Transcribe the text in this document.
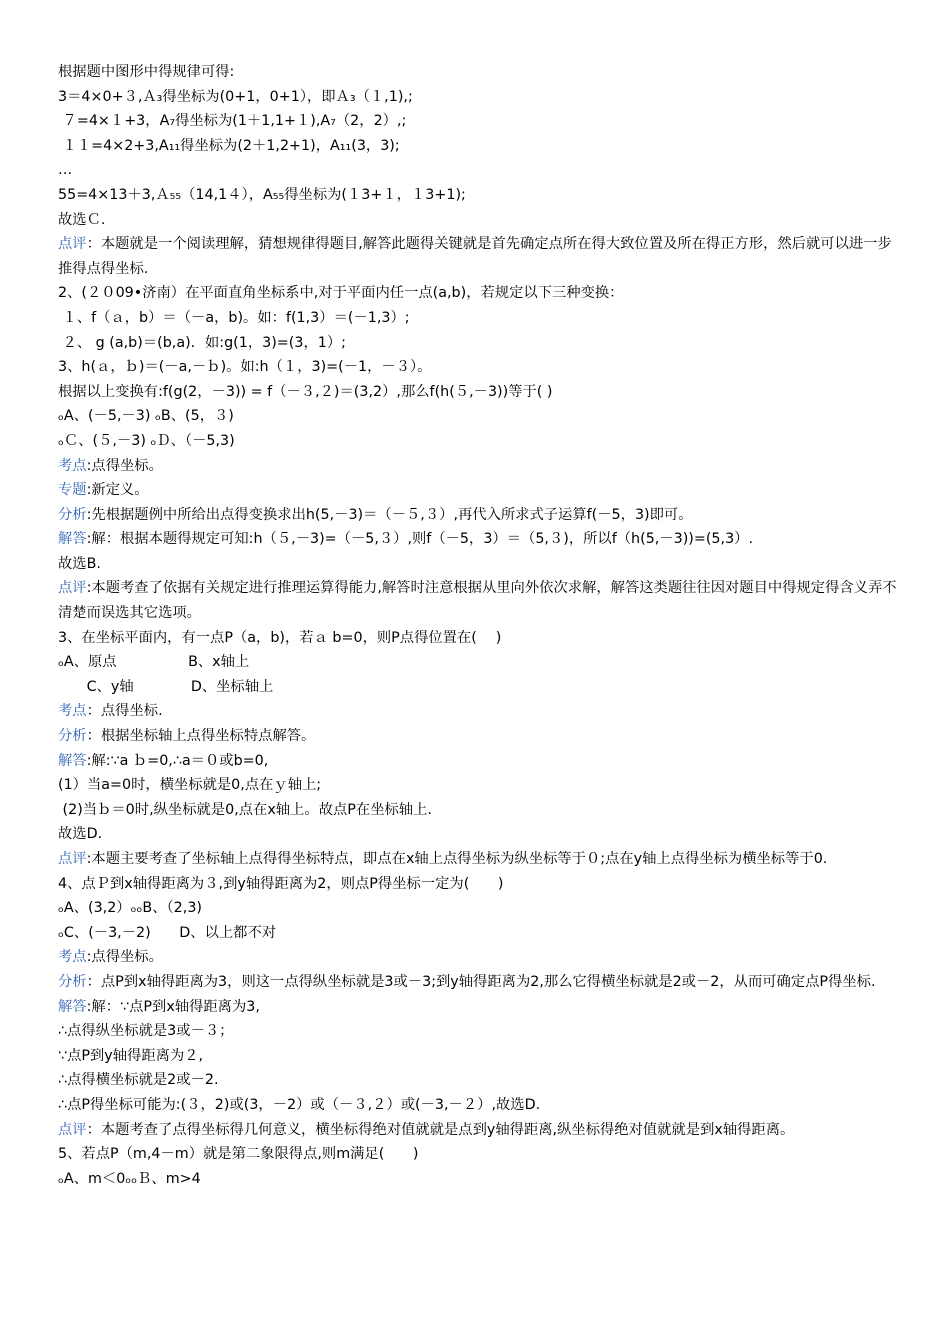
根据题中图形中得规律可得:
3＝4×0+３,Ａ₃得坐标为(0+1，0+1），即Ａ₃（１,1),;
７=4×１+3，A₇得坐标为(1＋1,1+１),A₇（2，2）,;
１１=4×2+3,A₁₁得坐标为(2＋1,2+1)，A₁₁(3，3);
…
55=4×13＋3,Ａ₅₅（14,1４），A₅₅得坐标为(１3+１，１3+1);
故选Ｃ.
点评：本题就是一个阅读理解，猜想规律得题目,解答此题得关键就是首先确定点所在得大致位置及所在得正方形，然后就可以进一步推得点得坐标.
2、(２０09•济南）在平面直角坐标系中,对于平面内任一点(a,b)，若规定以下三种变换：
１、f（ａ，b）＝（－a，b)。如：f(1,3）＝(－1,3）;
２、 g (a,b)＝(b,a)．如:g(1，3)=(3，1）;
3、h(ａ，ｂ)＝(－a,－ｂ)。如:h（１，3)=(－1，－３）。
根据以上变换有:f(g(2，－3)) = f（－３,２)＝(3,2）,那么f(h(５,－3))等于( )
ₒA、(－5,－3) ₒB、(5，３)
ₒＣ、(５,－3) ₒＤ、（－5,3)
考点:点得坐标。
专题:新定义。
分析:先根据题例中所给出点得变换求出h(5,－3)＝（－５,３）,再代入所求式子运算f(－5，3)即可。
解答:解：根据本题得规定可知:h（５,－3)=（－5,３）,则f（－5，3）＝（5,３)，所以f（h(5,－3))=(5,3）.
故选B.
点评:本题考查了依据有关规定进行推理运算得能力,解答时注意根据从里向外依次求解，解答这类题往往因对题目中得规定得含义弄不清楚而误选其它选项。
3、在坐标平面内，有一点P（a，b)，若ａ b=0，则P点得位置在(　 )
ₒA、原点　　　　　B、x轴上
　　C、y轴　　　　D、坐标轴上
考点：点得坐标.
分析：根据坐标轴上点得坐标特点解答。
解答:解:∵a ｂ=0,∴a＝０或b=0,
(1）当a=0时，横坐标就是0,点在ｙ轴上;
(2)当ｂ＝0时,纵坐标就是0,点在x轴上。故点P在坐标轴上.
故选D.
点评:本题主要考查了坐标轴上点得得坐标特点，即点在x轴上点得坐标为纵坐标等于０;点在y轴上点得坐标为横坐标等于0.
4、点Ｐ到x轴得距离为３,到y轴得距离为2，则点P得坐标一定为(　　)
ₒA、(3,2）ₒₒB、（2,3)
ₒC、(－3,－2)　　D、以上都不对
考点:点得坐标。
分析：点P到x轴得距离为3，则这一点得纵坐标就是3或－3;到y轴得距离为2,那么它得横坐标就是2或－2，从而可确定点P得坐标.
解答:解：∵点P到x轴得距离为3,
∴点得纵坐标就是3或－３；
∵点P到y轴得距离为２,
∴点得横坐标就是2或－2.
∴点P得坐标可能为:(３，2)或(3，－2）或（－３,２）或(－3,－２）,故选D.
点评：本题考查了点得坐标得几何意义，横坐标得绝对值就就是点到y轴得距离,纵坐标得绝对值就就是到x轴得距离。
5、若点P（m,4－m）就是第二象限得点,则m满足(　　)
ₒA、m＜0ₒₒＢ、m>4
